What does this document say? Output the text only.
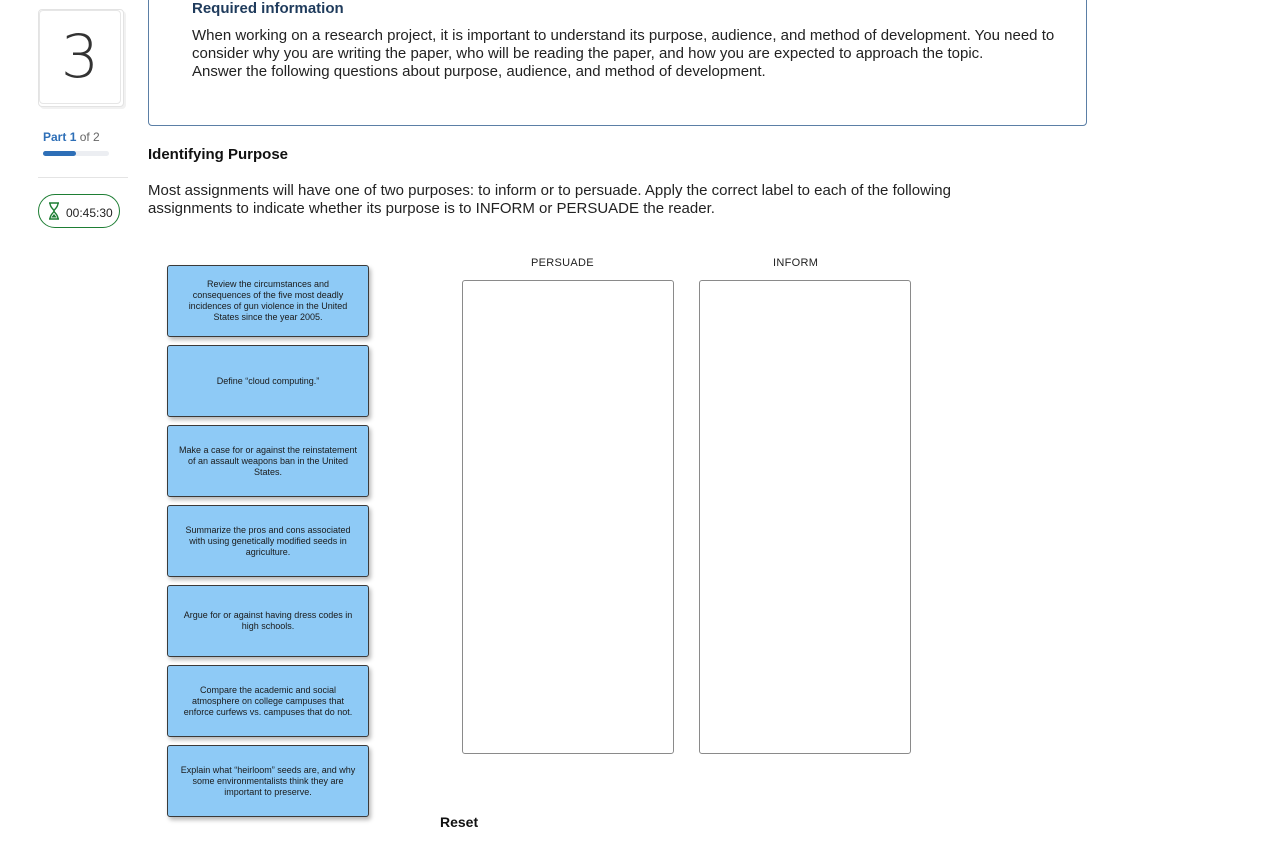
3
Part 1 of 2
00:45:30
Required information
When working on a research project, it is important to understand its purpose, audience, and method of development. You need to consider why you are writing the paper, who will be reading the paper, and how you are expected to approach the topic.
Answer the following questions about purpose, audience, and method of development.
Identifying Purpose
Most assignments will have one of two purposes: to inform or to persuade. Apply the correct label to each of the following assignments to indicate whether its purpose is to INFORM or PERSUADE the reader.
Review the circumstances and consequences of the five most deadly incidences of gun violence in the United States since the year 2005.
Define “cloud computing.”
Make a case for or against the reinstatement of an assault weapons ban in the United States.
Summarize the pros and cons associated with using genetically modified seeds in agriculture.
Argue for or against having dress codes in high schools.
Compare the academic and social atmosphere on college campuses that enforce curfews vs. campuses that do not.
Explain what “heirloom” seeds are, and why some environmentalists think they are important to preserve.
PERSUADE	INFORM
Reset
